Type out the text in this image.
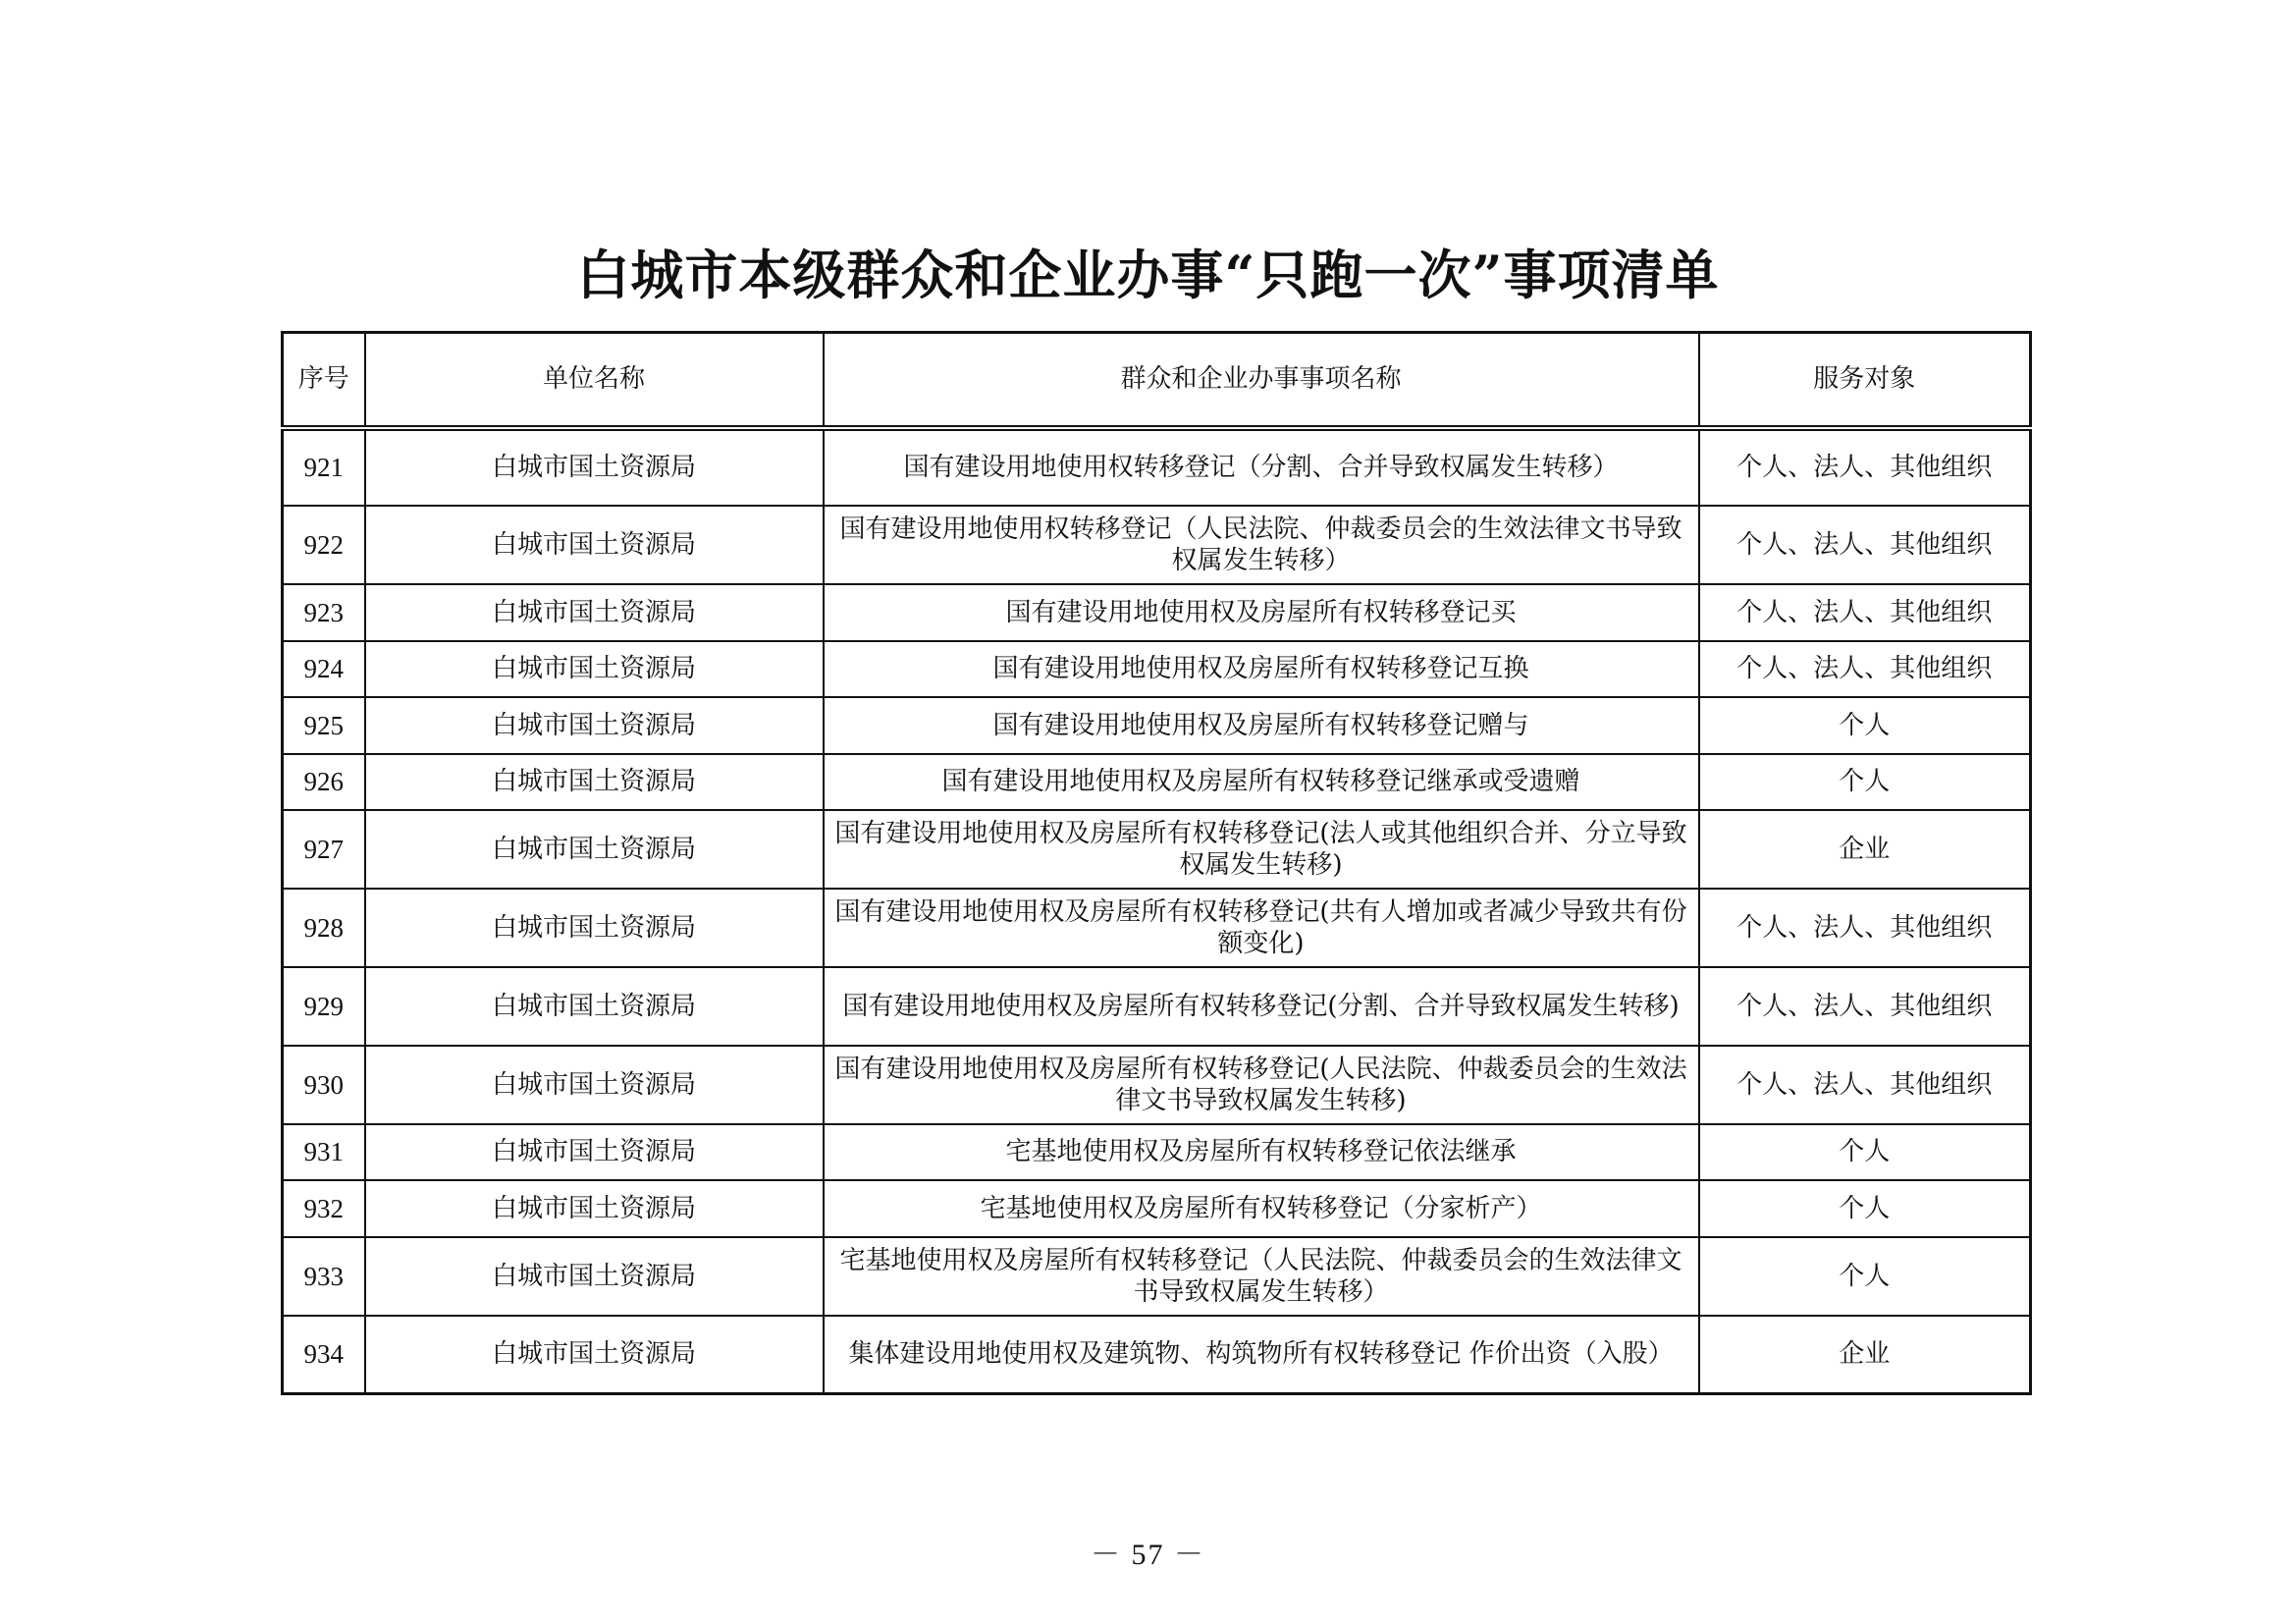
白城市本级群众和企业办事“只跑一次”事项清单
序号	单位名称	群众和企业办事事项名称	服务对象
921	白城市国土资源局	国有建设用地使用权转移登记（分割、合并导致权属发生转移）	个人、法人、其他组织
922	白城市国土资源局	国有建设用地使用权转移登记（人民法院、仲裁委员会的生效法律文书导致权属发生转移）	个人、法人、其他组织
923	白城市国土资源局	国有建设用地使用权及房屋所有权转移登记买	个人、法人、其他组织
924	白城市国土资源局	国有建设用地使用权及房屋所有权转移登记互换	个人、法人、其他组织
925	白城市国土资源局	国有建设用地使用权及房屋所有权转移登记赠与	个人
926	白城市国土资源局	国有建设用地使用权及房屋所有权转移登记继承或受遗赠	个人
927	白城市国土资源局	国有建设用地使用权及房屋所有权转移登记(法人或其他组织合并、分立导致权属发生转移)	企业
928	白城市国土资源局	国有建设用地使用权及房屋所有权转移登记(共有人增加或者减少导致共有份额变化)	个人、法人、其他组织
929	白城市国土资源局	国有建设用地使用权及房屋所有权转移登记(分割、合并导致权属发生转移)	个人、法人、其他组织
930	白城市国土资源局	国有建设用地使用权及房屋所有权转移登记(人民法院、仲裁委员会的生效法律文书导致权属发生转移)	个人、法人、其他组织
931	白城市国土资源局	宅基地使用权及房屋所有权转移登记依法继承	个人
932	白城市国土资源局	宅基地使用权及房屋所有权转移登记（分家析产）	个人
933	白城市国土资源局	宅基地使用权及房屋所有权转移登记（人民法院、仲裁委员会的生效法律文书导致权属发生转移）	个人
934	白城市国土资源局	集体建设用地使用权及建筑物、构筑物所有权转移登记 作价出资（入股）	企业
－ 57 －
